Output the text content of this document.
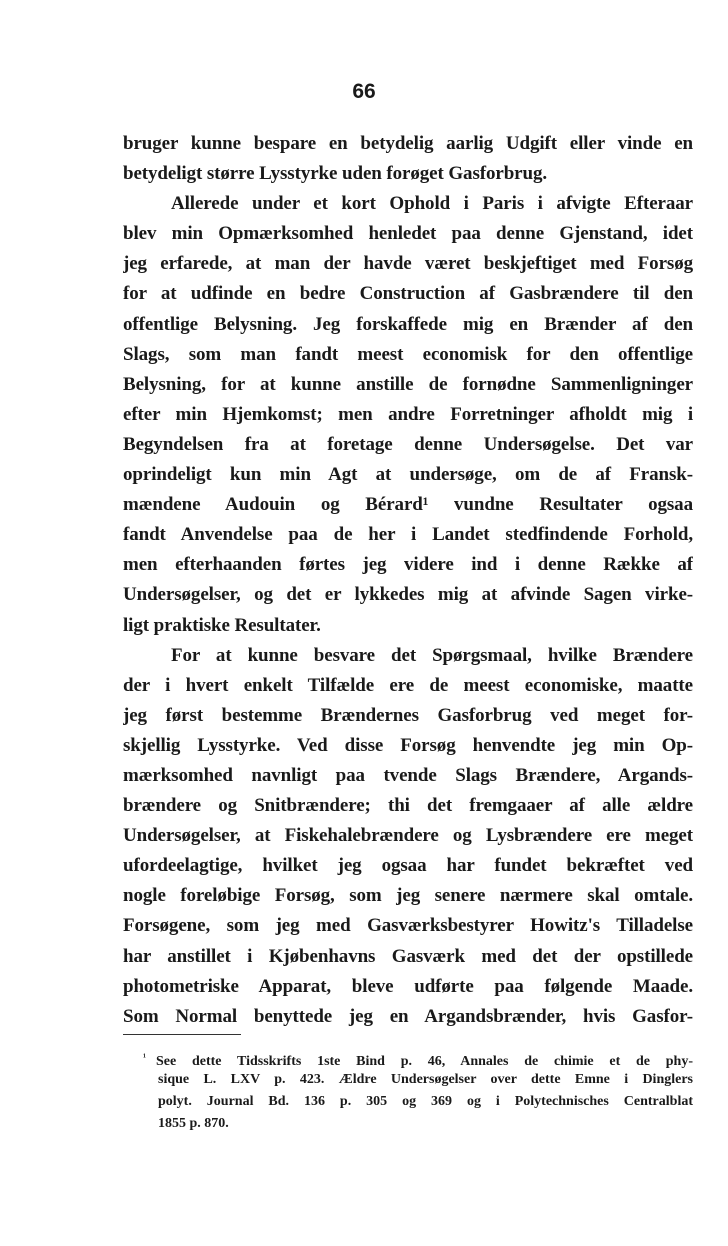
66
bruger kunne bespare en betydelig aarlig Udgift eller vinde en
betydeligt større Lysstyrke uden forøget Gasforbrug.
Allerede under et kort Ophold i Paris i afvigte Efteraar
blev min Opmærksomhed henledet paa denne Gjenstand, idet
jeg erfarede, at man der havde været beskjeftiget med Forsøg
for at udfinde en bedre Construction af Gasbrændere til den
offentlige Belysning. Jeg forskaffede mig en Brænder af den
Slags, som man fandt meest economisk for den offentlige
Belysning, for at kunne anstille de fornødne Sammenligninger
efter min Hjemkomst; men andre Forretninger afholdt mig i
Begyndelsen fra at foretage denne Undersøgelse. Det var
oprindeligt kun min Agt at undersøge, om de af Fransk-
mændene Audouin og Bérard¹ vundne Resultater ogsaa
fandt Anvendelse paa de her i Landet stedfindende Forhold,
men efterhaanden førtes jeg videre ind i denne Række af
Undersøgelser, og det er lykkedes mig at afvinde Sagen virke-
ligt praktiske Resultater.
For at kunne besvare det Spørgsmaal, hvilke Brændere
der i hvert enkelt Tilfælde ere de meest economiske, maatte
jeg først bestemme Brændernes Gasforbrug ved meget for-
skjellig Lysstyrke. Ved disse Forsøg henvendte jeg min Op-
mærksomhed navnligt paa tvende Slags Brændere, Argands-
brændere og Snitbrændere; thi det fremgaaer af alle ældre
Undersøgelser, at Fiskehalebrændere og Lysbrændere ere meget
ufordeelagtige, hvilket jeg ogsaa har fundet bekræftet ved
nogle foreløbige Forsøg, som jeg senere nærmere skal omtale.
Forsøgene, som jeg med Gasværksbestyrer Howitz's Tilladelse
har anstillet i Kjøbenhavns Gasværk med det der opstillede
photometriske Apparat, bleve udførte paa følgende Maade.
Som Normal benyttede jeg en Argandsbrænder, hvis Gasfor-
$^{^1}$ See dette Tidsskrifts 1ste Bind p. 46, Annales de chimie et de phy-
sique L. LXV p. 423. Ældre Undersøgelser over dette Emne i Dinglers
polyt. Journal Bd. 136 p. 305 og 369 og i Polytechnisches Centralblat
1855 p. 870.
